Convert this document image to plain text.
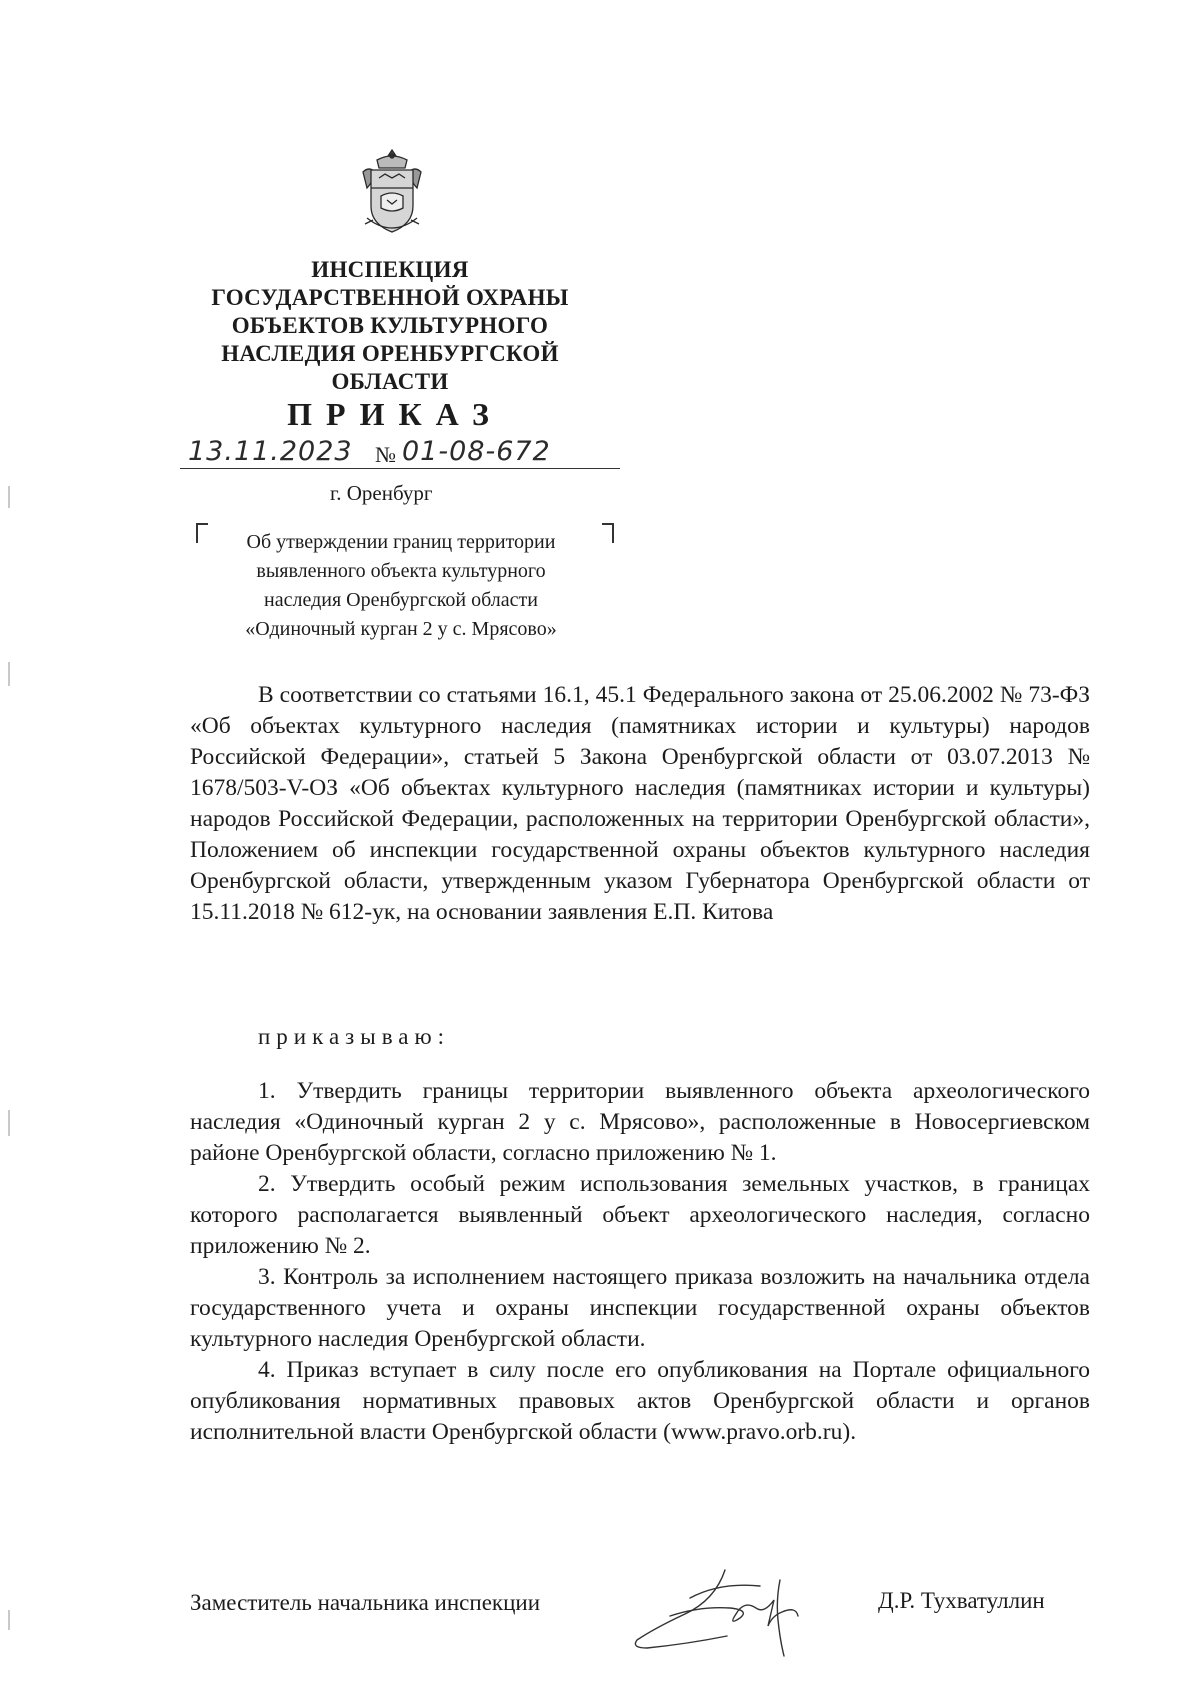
ИНСПЕКЦИЯ
ГОСУДАРСТВЕННОЙ ОХРАНЫ
ОБЪЕКТОВ КУЛЬТУРНОГО
НАСЛЕДИЯ ОРЕНБУРГСКОЙ
ОБЛАСТИ
ПРИКАЗ
13.11.2023 № 01-08-672
г. Оренбург
Об утверждении границ территории
выявленного объекта культурного
наследия Оренбургской области
«Одиночный курган 2 у с. Мрясово»
В соответствии со статьями 16.1, 45.1 Федерального закона от 25.06.2002 № 73-ФЗ «Об объектах культурного наследия (памятниках истории и культуры) народов Российской Федерации», статьей 5 Закона Оренбургской области от 03.07.2013 № 1678/503-V-ОЗ «Об объектах культурного наследия (памятниках истории и культуры) народов Российской Федерации, расположенных на территории Оренбургской области», Положением об инспекции государственной охраны объектов культурного наследия Оренбургской области, утвержденным указом Губернатора Оренбургской области от 15.11.2018 № 612-ук, на основании заявления Е.П. Китова
приказываю:
1. Утвердить границы территории выявленного объекта археологического наследия «Одиночный курган 2 у с. Мрясово», расположенные в Новосергиевском районе Оренбургской области, согласно приложению № 1.
2. Утвердить особый режим использования земельных участков, в границах которого располагается выявленный объект археологического наследия, согласно приложению № 2.
3. Контроль за исполнением настоящего приказа возложить на начальника отдела государственного учета и охраны инспекции государственной охраны объектов культурного наследия Оренбургской области.
4. Приказ вступает в силу после его опубликования на Портале официального опубликования нормативных правовых актов Оренбургской области и органов исполнительной власти Оренбургской области (www.pravo.orb.ru).
Заместитель начальника инспекции	Д.Р. Тухватуллин
